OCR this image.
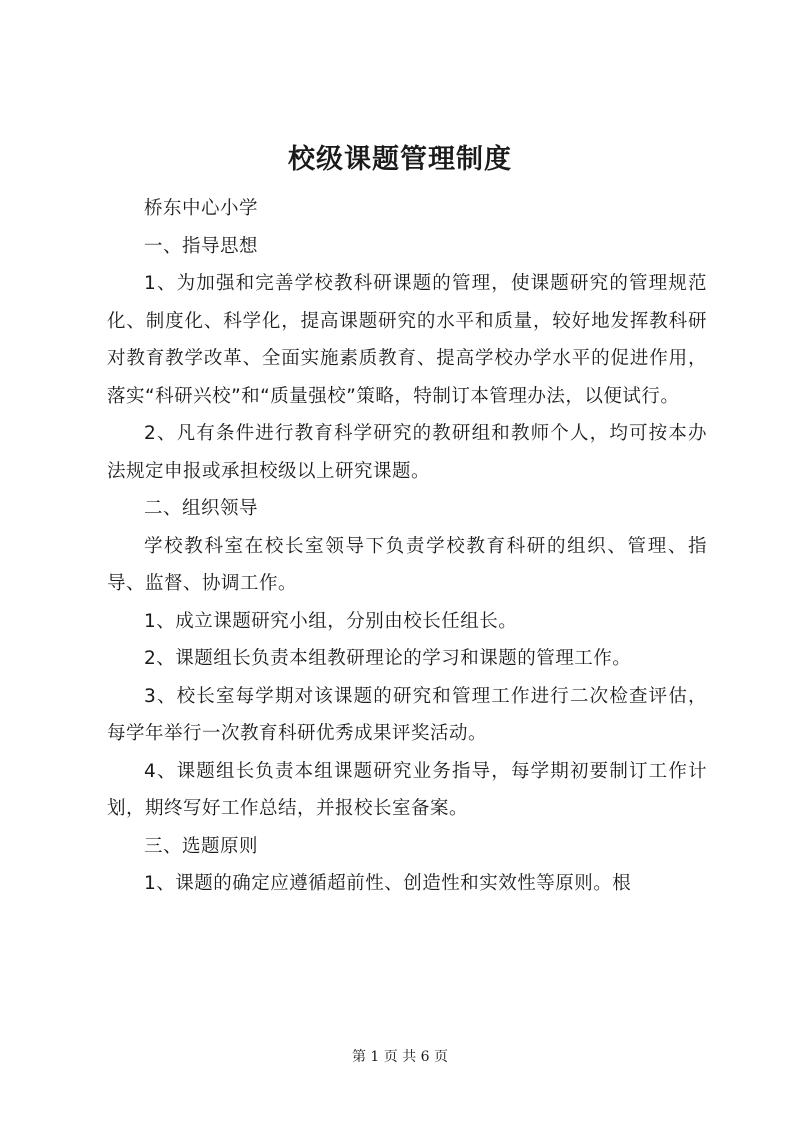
校级课题管理制度

桥东中心小学

一、指导思想

1、为加强和完善学校教科研课题的管理，使课题研究的管理规范化、制度化、科学化，提高课题研究的水平和质量，较好地发挥教科研对教育教学改革、全面实施素质教育、提高学校办学水平的促进作用，落实“科研兴校”和“质量强校”策略，特制订本管理办法，以便试行。

2、凡有条件进行教育科学研究的教研组和教师个人，均可按本办法规定申报或承担校级以上研究课题。

二、组织领导

学校教科室在校长室领导下负责学校教育科研的组织、管理、指导、监督、协调工作。

1、成立课题研究小组，分别由校长任组长。

2、课题组长负责本组教研理论的学习和课题的管理工作。

3、校长室每学期对该课题的研究和管理工作进行二次检查评估，每学年举行一次教育科研优秀成果评奖活动。

4、课题组长负责本组课题研究业务指导，每学期初要制订工作计划，期终写好工作总结，并报校长室备案。

三、选题原则

1、课题的确定应遵循超前性、创造性和实效性等原则。根

第 1 页 共 6 页
